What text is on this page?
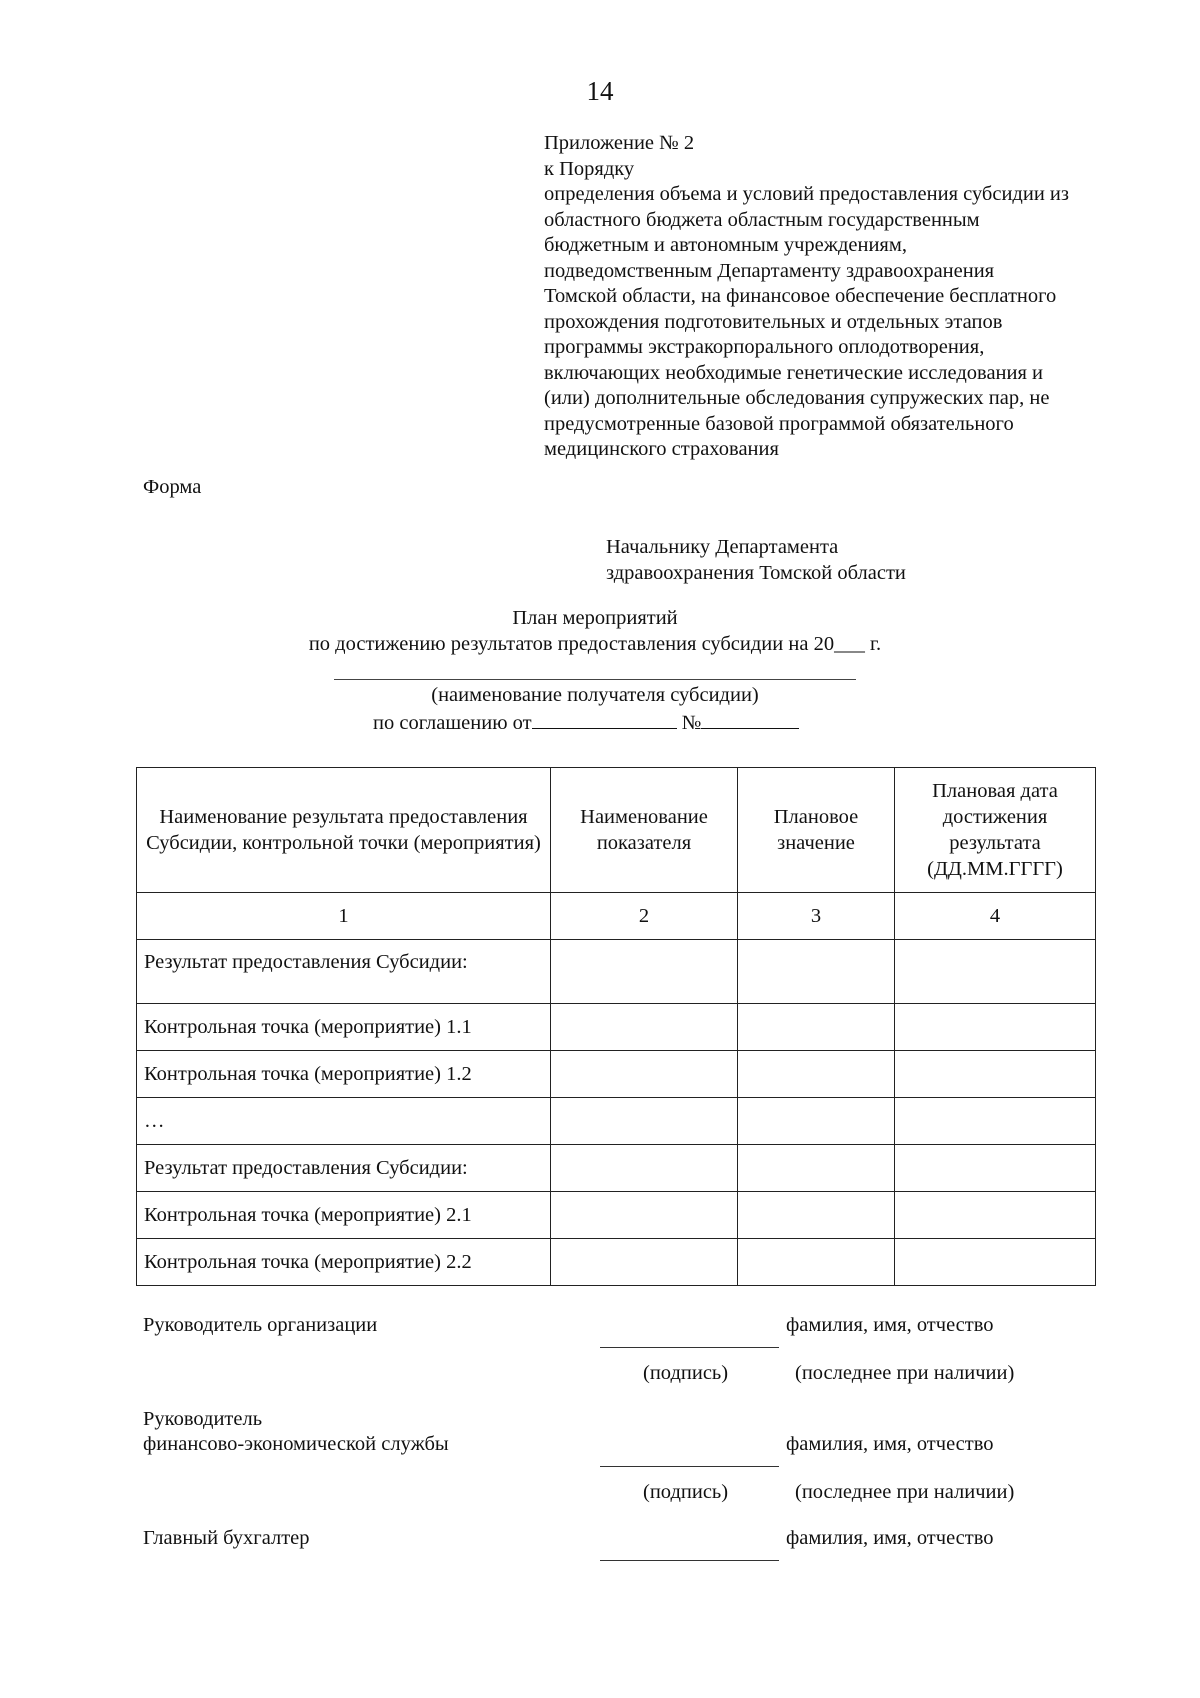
14
Приложение № 2
к Порядку
определения объема и условий предоставления субсидии из
областного бюджета областным государственным
бюджетным и автономным учреждениям,
подведомственным Департаменту здравоохранения
Томской области, на финансовое обеспечение бесплатного
прохождения подготовительных и отдельных этапов
программы экстракорпорального оплодотворения,
включающих необходимые генетические исследования и
(или) дополнительные обследования супружеских пар, не
предусмотренные базовой программой обязательного
медицинского страхования
Форма
Начальнику Департамента
здравоохранения Томской области
План мероприятий
по достижению результатов предоставления субсидии на 20___ г.
(наименование получателя субсидии)
по соглашению от	№
Наименование результата предоставления Субсидии, контрольной точки (мероприятия)	Наименование показателя	Плановое значение	Плановая дата достижения результата (ДД.ММ.ГГГГ)
1	2	3	4
Результат предоставления Субсидии:			
Контрольная точка (мероприятие) 1.1			
Контрольная точка (мероприятие) 1.2			
…			
Результат предоставления Субсидии:			
Контрольная точка (мероприятие) 2.1			
Контрольная точка (мероприятие) 2.2			
Руководитель организации	фамилия, имя, отчество
(подпись)	(последнее при наличии)
Руководитель
финансово-экономической службы	фамилия, имя, отчество
(подпись)	(последнее при наличии)
Главный бухгалтер	фамилия, имя, отчество
